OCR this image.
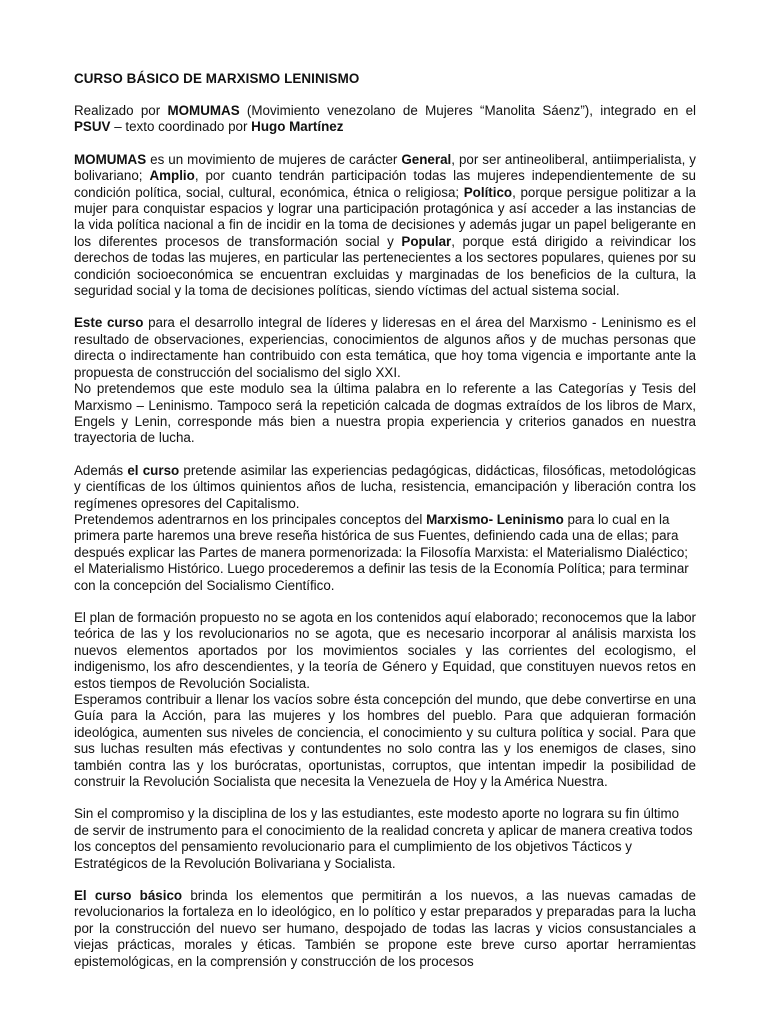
CURSO BÁSICO DE MARXISMO LENINISMO

Realizado por MOMUMAS (Movimiento venezolano de Mujeres “Manolita Sáenz”), integrado en el PSUV – texto coordinado por Hugo Martínez

MOMUMAS es un movimiento de mujeres de carácter General, por ser antineoliberal, antiimperialista, y bolivariano; Amplio, por cuanto tendrán participación todas las mujeres independientemente de su condición política, social, cultural, económica, étnica o religiosa; Político, porque persigue politizar a la mujer para conquistar espacios y lograr una participación protagónica y así acceder a las instancias de la vida política nacional a fin de incidir en la toma de decisiones y además jugar un papel beligerante en los diferentes procesos de transformación social y Popular, porque está dirigido a reivindicar los derechos de todas las mujeres, en particular las pertenecientes a los sectores populares, quienes por su condición socioeconómica se encuentran excluidas y marginadas de los beneficios de la cultura, la seguridad social y la toma de decisiones políticas, siendo víctimas del actual sistema social.

Este curso para el desarrollo integral de líderes y lideresas en el área del Marxismo - Leninismo es el resultado de observaciones, experiencias, conocimientos de algunos años y de muchas personas que directa o indirectamente han contribuido con esta temática, que hoy toma vigencia e importante ante la propuesta de construcción del socialismo del siglo XXI.

No pretendemos que este modulo sea la última palabra en lo referente a las Categorías y Tesis del Marxismo – Leninismo. Tampoco será la repetición calcada de dogmas extraídos de los libros de Marx, Engels y Lenin, corresponde más bien a nuestra propia experiencia y criterios ganados en nuestra trayectoria de lucha.

Además el curso pretende asimilar las experiencias pedagógicas, didácticas, filosóficas, metodológicas y científicas de los últimos quinientos años de lucha, resistencia, emancipación y liberación contra los regímenes opresores del Capitalismo.

Pretendemos adentrarnos en los principales conceptos del Marxismo- Leninismo para lo cual en la primera parte haremos una breve reseña histórica de sus Fuentes, definiendo cada una de ellas; para después explicar las Partes de manera pormenorizada: la Filosofía Marxista: el Materialismo Dialéctico; el Materialismo Histórico. Luego procederemos a definir las tesis de la Economía Política; para terminar con la concepción del Socialismo Científico.

El plan de formación propuesto no se agota en los contenidos aquí elaborado; reconocemos que la labor teórica de las y los revolucionarios no se agota, que es necesario incorporar al análisis marxista los nuevos elementos aportados por los movimientos sociales y las corrientes del ecologismo, el indigenismo, los afro descendientes, y la teoría de Género y Equidad, que constituyen nuevos retos en estos tiempos de Revolución Socialista.

Esperamos contribuir a llenar los vacíos sobre ésta concepción del mundo, que debe convertirse en una Guía para la Acción, para las mujeres y los hombres del pueblo. Para que adquieran formación ideológica, aumenten sus niveles de conciencia, el conocimiento y su cultura política y social. Para que sus luchas resulten más efectivas y contundentes no solo contra las y los enemigos de clases, sino también contra las y los burócratas, oportunistas, corruptos, que intentan impedir la posibilidad de construir la Revolución Socialista que necesita la Venezuela de Hoy y la América Nuestra.

Sin el compromiso y la disciplina de los y las estudiantes, este modesto aporte no lograra su fin último de servir de instrumento para el conocimiento de la realidad concreta y aplicar de manera creativa todos los conceptos del pensamiento revolucionario para el cumplimiento de los objetivos Tácticos y Estratégicos de la Revolución Bolivariana y Socialista.

El curso básico brinda los elementos que permitirán a los nuevos, a las nuevas camadas de revolucionarios la fortaleza en lo ideológico, en lo político y estar preparados y preparadas para la lucha por la construcción del nuevo ser humano, despojado de todas las lacras y vicios consustanciales a viejas prácticas, morales y éticas. También se propone este breve curso aportar herramientas epistemológicas, en la comprensión y construcción de los procesos
